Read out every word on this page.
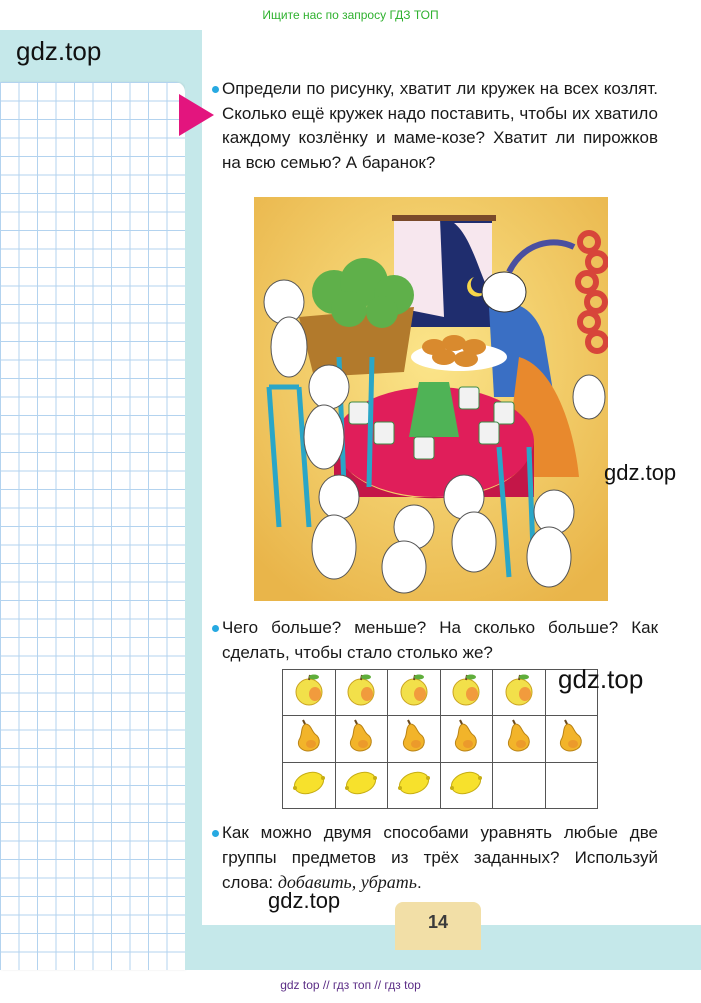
Ищите нас по запросу ГДЗ ТОП
gdz.top
Определи по рисунку, хватит ли кружек на всех козлят. Сколько ещё кружек надо поставить, чтобы их хватило каждому козлёнку и маме-козе? Хватит ли пирожков на всю семью? А баранок?
gdz.top
Чего больше? меньше? На сколько больше? Как сделать, чтобы стало столько же?

gdz.top
Как можно двумя способами уравнять любые две группы предметов из трёх заданных? Используй слова: добавить, убрать.
gdz.top
14
gdz top // гдз топ // гдз top
